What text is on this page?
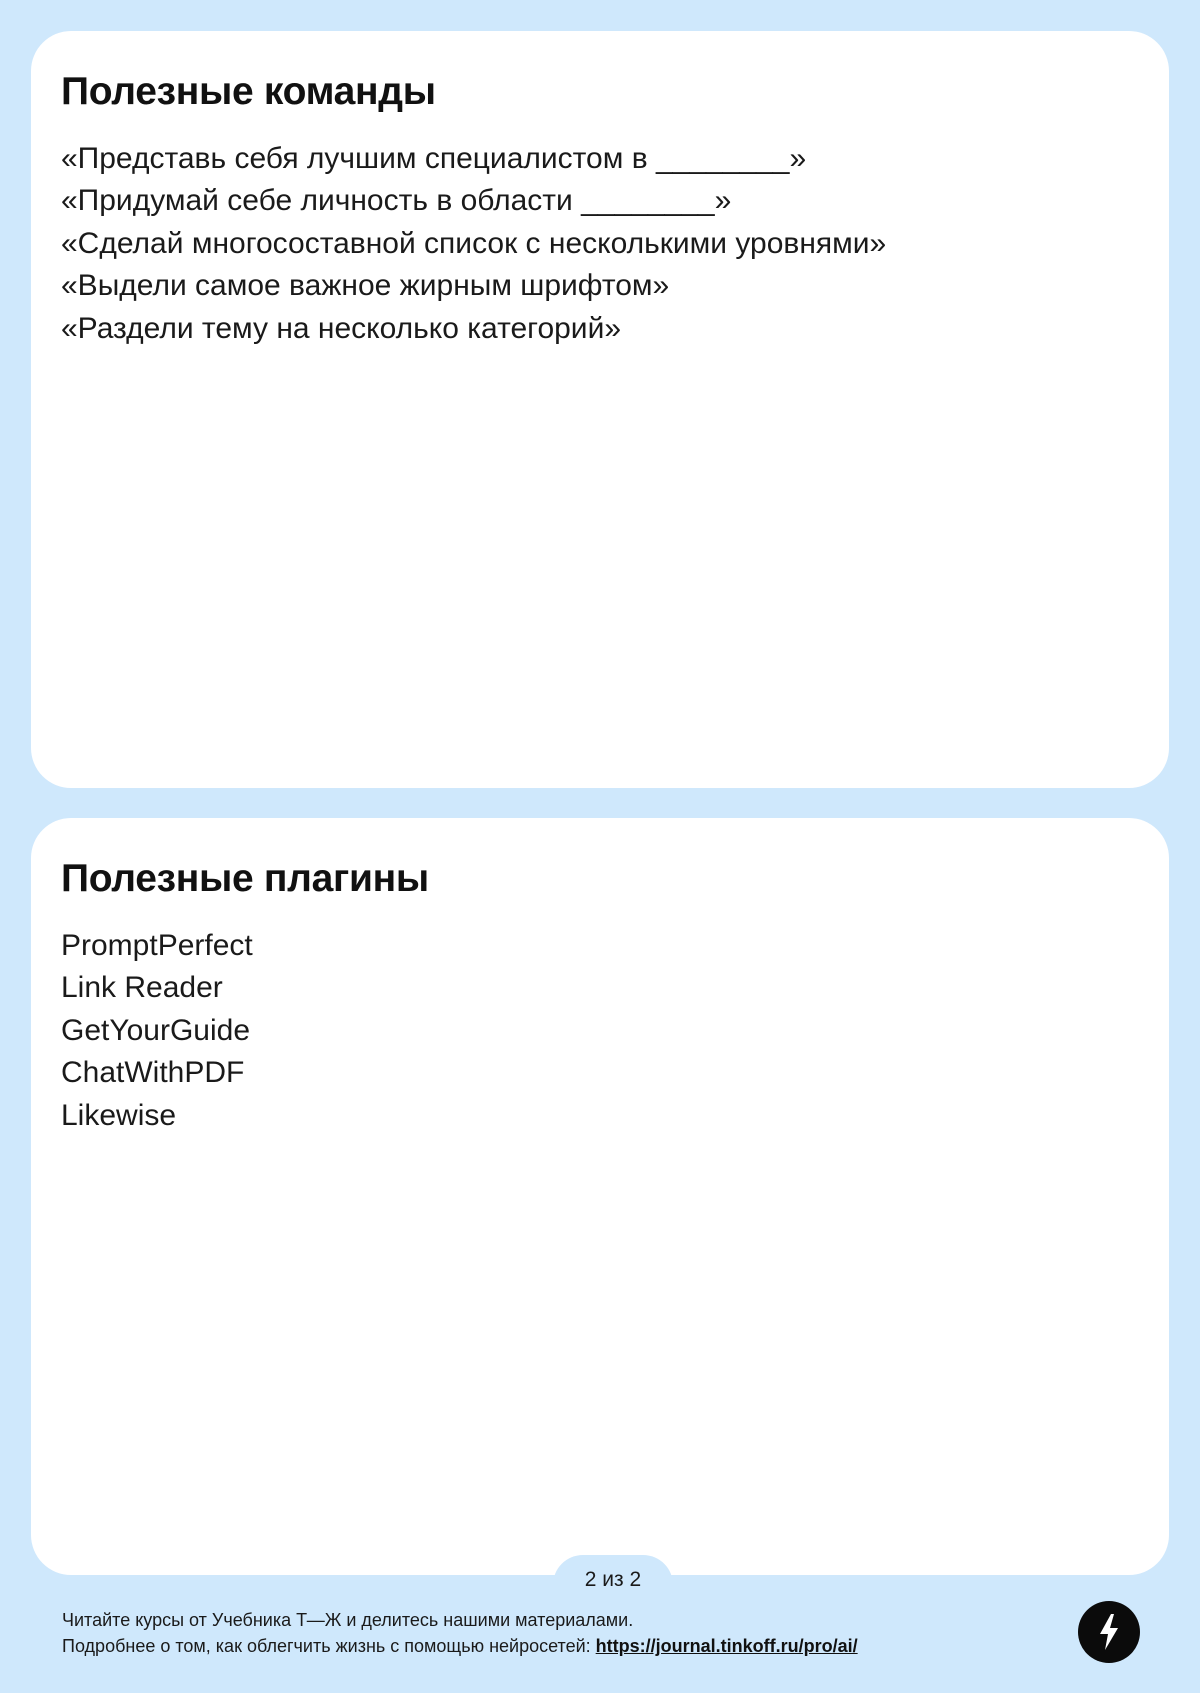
Полезные команды
«Представь себя лучшим специалистом в ________»
«Придумай себе личность в области ________»
«Сделай многосоставной список с несколькими уровнями»
«Выдели самое важное жирным шрифтом»
«Раздели тему на несколько категорий»
Полезные плагины
PromptPerfect
Link Reader
GetYourGuide
ChatWithPDF
Likewise
2 из 2
Читайте курсы от Учебника Т—Ж и делитесь нашими материалами.
Подробнее о том, как облегчить жизнь с помощью нейросетей: https://journal.tinkoff.ru/pro/ai/
